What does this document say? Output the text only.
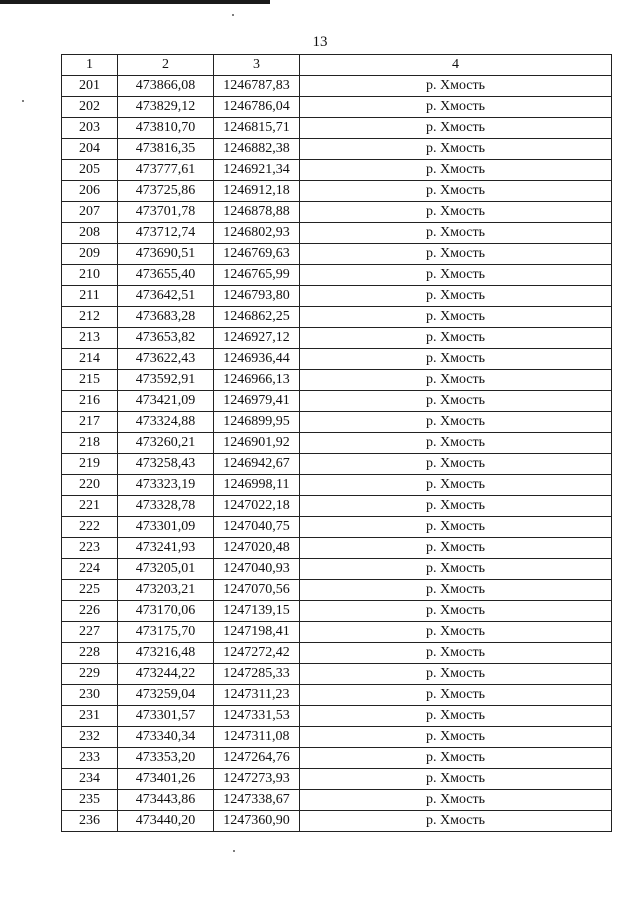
13
1	2	3	4
201	473866,08	1246787,83	р. Хмость
202	473829,12	1246786,04	р. Хмость
203	473810,70	1246815,71	р. Хмость
204	473816,35	1246882,38	р. Хмость
205	473777,61	1246921,34	р. Хмость
206	473725,86	1246912,18	р. Хмость
207	473701,78	1246878,88	р. Хмость
208	473712,74	1246802,93	р. Хмость
209	473690,51	1246769,63	р. Хмость
210	473655,40	1246765,99	р. Хмость
211	473642,51	1246793,80	р. Хмость
212	473683,28	1246862,25	р. Хмость
213	473653,82	1246927,12	р. Хмость
214	473622,43	1246936,44	р. Хмость
215	473592,91	1246966,13	р. Хмость
216	473421,09	1246979,41	р. Хмость
217	473324,88	1246899,95	р. Хмость
218	473260,21	1246901,92	р. Хмость
219	473258,43	1246942,67	р. Хмость
220	473323,19	1246998,11	р. Хмость
221	473328,78	1247022,18	р. Хмость
222	473301,09	1247040,75	р. Хмость
223	473241,93	1247020,48	р. Хмость
224	473205,01	1247040,93	р. Хмость
225	473203,21	1247070,56	р. Хмость
226	473170,06	1247139,15	р. Хмость
227	473175,70	1247198,41	р. Хмость
228	473216,48	1247272,42	р. Хмость
229	473244,22	1247285,33	р. Хмость
230	473259,04	1247311,23	р. Хмость
231	473301,57	1247331,53	р. Хмость
232	473340,34	1247311,08	р. Хмость
233	473353,20	1247264,76	р. Хмость
234	473401,26	1247273,93	р. Хмость
235	473443,86	1247338,67	р. Хмость
236	473440,20	1247360,90	р. Хмость
